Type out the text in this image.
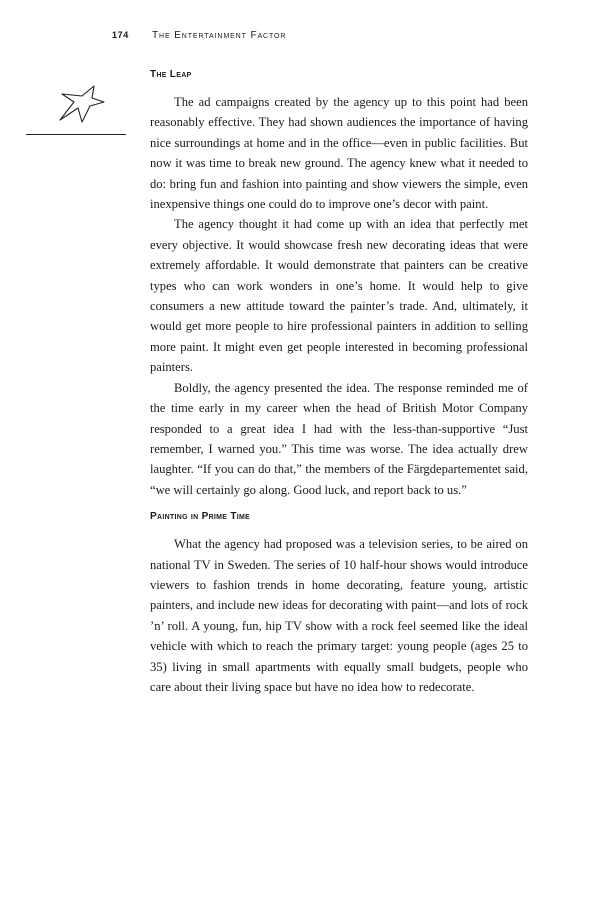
174 The Entertainment Factor
The Leap

The ad campaigns created by the agency up to this point had been reasonably effective. They had shown audiences the importance of having nice surroundings at home and in the office—even in public facilities. But now it was time to break new ground. The agency knew what it needed to do: bring fun and fashion into painting and show viewers the simple, even inexpensive things one could do to improve one’s decor with paint.

The agency thought it had come up with an idea that perfectly met every objective. It would showcase fresh new decorating ideas that were extremely affordable. It would demonstrate that painters can be creative types who can work wonders in one’s home. It would help to give consumers a new attitude toward the painter’s trade. And, ultimately, it would get more people to hire professional painters in addition to selling more paint. It might even get people interested in becoming professional painters.

Boldly, the agency presented the idea. The response reminded me of the time early in my career when the head of British Motor Company responded to a great idea I had with the less-than-supportive “Just remember, I warned you.” This time was worse. The idea actually drew laughter. “If you can do that,” the members of the Färgdepartementet said, “we will certainly go along. Good luck, and report back to us.”

Painting in Prime Time

What the agency had proposed was a television series, to be aired on national TV in Sweden. The series of 10 half-hour shows would introduce viewers to fashion trends in home decorating, feature young, artistic painters, and include new ideas for decorating with paint—and lots of rock ’n’ roll. A young, fun, hip TV show with a rock feel seemed like the ideal vehicle with which to reach the primary target: young people (ages 25 to 35) living in small apartments with equally small budgets, people who care about their living space but have no idea how to redecorate.
